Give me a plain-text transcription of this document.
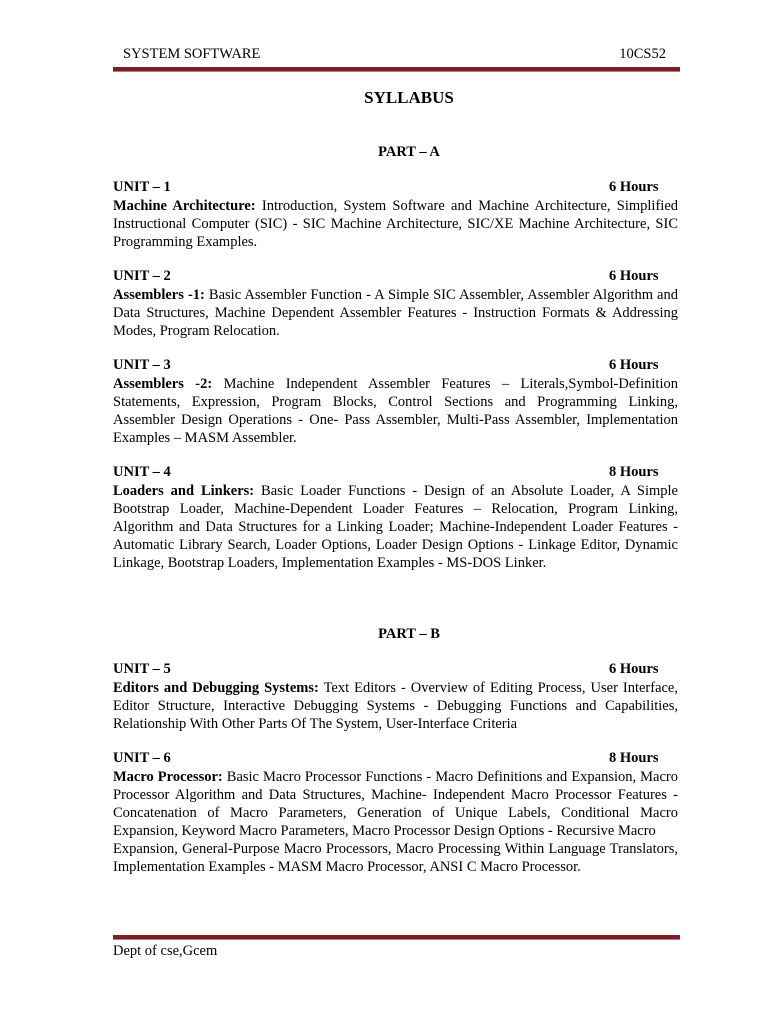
SYSTEM SOFTWARE	10CS52
SYLLABUS
PART – A
UNIT – 1	6 Hours
Machine Architecture: Introduction, System Software and Machine Architecture, Simplified Instructional Computer (SIC) - SIC Machine Architecture, SIC/XE Machine Architecture, SIC Programming Examples.
UNIT – 2	6 Hours
Assemblers -1: Basic Assembler Function - A Simple SIC Assembler, Assembler Algorithm and Data Structures, Machine Dependent Assembler Features - Instruction Formats & Addressing Modes, Program Relocation.
UNIT – 3	6 Hours
Assemblers -2: Machine Independent Assembler Features – Literals,Symbol-Definition Statements, Expression, Program Blocks, Control Sections and Programming Linking, Assembler Design Operations - One- Pass Assembler, Multi-Pass Assembler, Implementation Examples – MASM Assembler.
UNIT – 4	8 Hours
Loaders and Linkers: Basic Loader Functions - Design of an Absolute Loader, A Simple Bootstrap Loader, Machine-Dependent Loader Features – Relocation, Program Linking, Algorithm and Data Structures for a Linking Loader; Machine-Independent Loader Features - Automatic Library Search, Loader Options, Loader Design Options - Linkage Editor, Dynamic Linkage, Bootstrap Loaders, Implementation Examples - MS-DOS Linker.
PART – B
UNIT – 5	6 Hours
Editors and Debugging Systems: Text Editors - Overview of Editing Process, User Interface, Editor Structure, Interactive Debugging Systems - Debugging Functions and Capabilities, Relationship With Other Parts Of The System, User-Interface Criteria
UNIT – 6	8 Hours
Macro Processor: Basic Macro Processor Functions - Macro Definitions and Expansion, Macro Processor Algorithm and Data Structures, Machine- Independent Macro Processor Features - Concatenation of Macro Parameters, Generation of Unique Labels, Conditional Macro Expansion, Keyword Macro Parameters, Macro Processor Design Options - Recursive Macro
Expansion, General-Purpose Macro Processors, Macro Processing Within Language Translators, Implementation Examples - MASM Macro Processor, ANSI C Macro Processor.
Dept of cse,Gcem
